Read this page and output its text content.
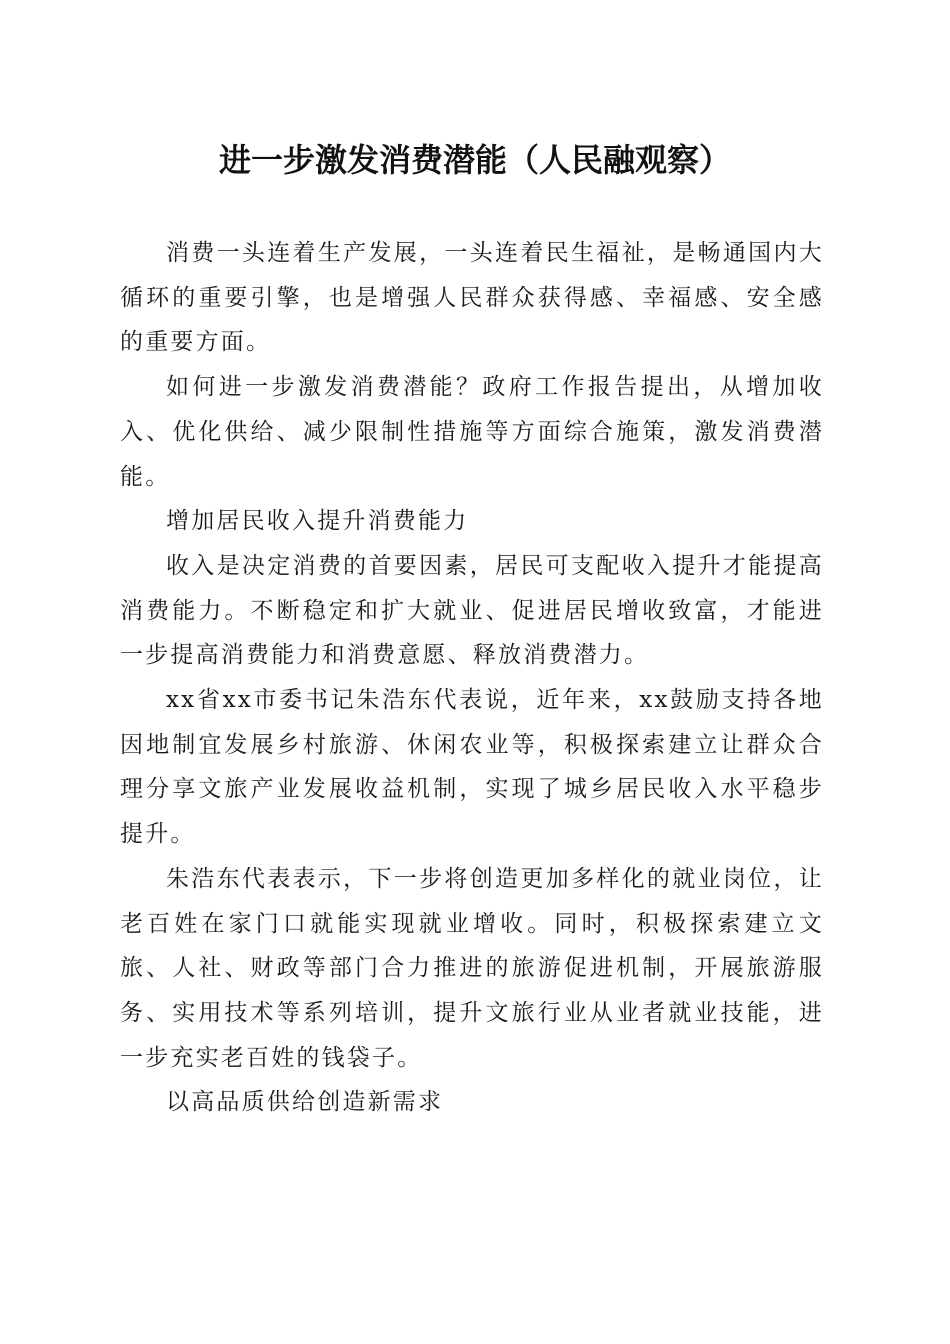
进一步激发消费潜能（人民融观察）

消费一头连着生产发展，一头连着民生福祉，是畅通国内大循环的重要引擎，也是增强人民群众获得感、幸福感、安全感的重要方面。

如何进一步激发消费潜能？政府工作报告提出，从增加收入、优化供给、减少限制性措施等方面综合施策，激发消费潜能。

增加居民收入提升消费能力

收入是决定消费的首要因素，居民可支配收入提升才能提高消费能力。不断稳定和扩大就业、促进居民增收致富，才能进一步提高消费能力和消费意愿、释放消费潜力。

xx省xx市委书记朱浩东代表说，近年来，xx鼓励支持各地因地制宜发展乡村旅游、休闲农业等，积极探索建立让群众合理分享文旅产业发展收益机制，实现了城乡居民收入水平稳步提升。

朱浩东代表表示，下一步将创造更加多样化的就业岗位，让老百姓在家门口就能实现就业增收。同时，积极探索建立文旅、人社、财政等部门合力推进的旅游促进机制，开展旅游服务、实用技术等系列培训，提升文旅行业从业者就业技能，进一步充实老百姓的钱袋子。

以高品质供给创造新需求
